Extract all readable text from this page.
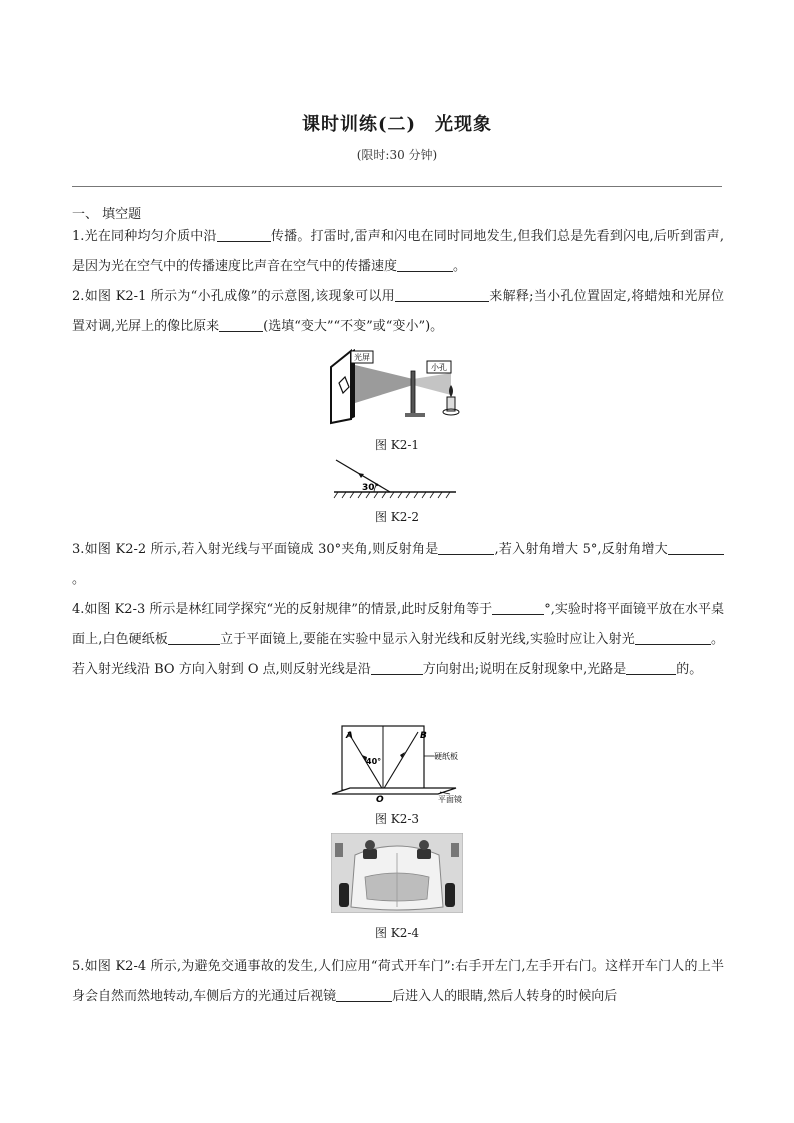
课时训练(二)　光现象
(限时:30 分钟)
一、 填空题
1.光在同种均匀介质中沿	传播。打雷时,雷声和闪电在同时同地发生,但我们总是先看到闪电,后听到雷声,是因为光在空气中的传播速度比声音在空气中的传播速度	。
2.如图 K2-1 所示为“小孔成像”的示意图,该现象可以用	来解释;当小孔位置固定,将蜡烛和光屏位置对调,光屏上的像比原来	(选填“变大”“不变”或“变小”)。
光屏
小孔
图 K2-1
30°
图 K2-2
3.如图 K2-2 所示,若入射光线与平面镜成 30°夹角,则反射角是	,若入射角增大 5°,反射角增大。
4.如图 K2-3 所示是林红同学探究“光的反射规律”的情景,此时反射角等于	°,实验时将平面镜平放在水平桌面上,白色硬纸板	立于平面镜上,要能在实验中显示入射光线和反射光线,实验时应让入射光	。若入射光线沿 BO 方向入射到 O 点,则反射光线是沿	方向射出;说明在反射现象中,光路是	的。
A	B
O
40°
硬纸板
平面镜
图 K2-3
图 K2-4
5.如图 K2-4 所示,为避免交通事故的发生,人们应用“荷式开车门”:右手开左门,左手开右门。这样开车门人的上半身会自然而然地转动,车侧后方的光通过后视镜	后进入人的眼睛,然后人转身的时候向后
